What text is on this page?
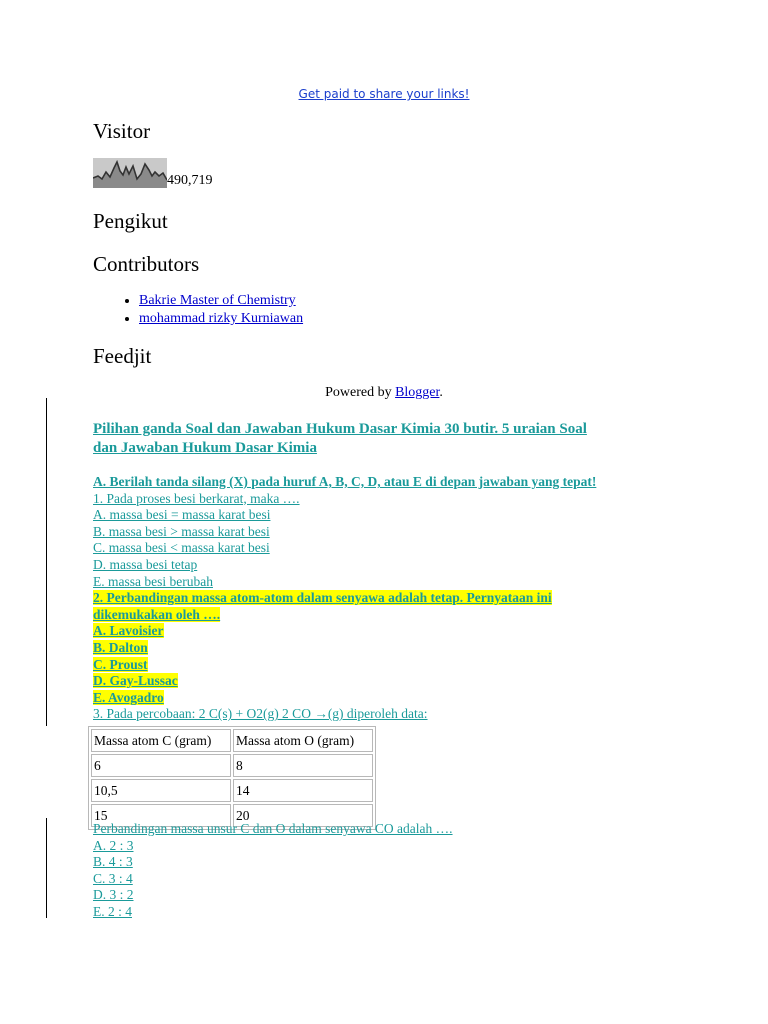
Get paid to share your links!
Visitor
490,719
Pengikut
Contributors
• Bakrie Master of Chemistry
• mohammad rizky Kurniawan
Feedjit
Powered by Blogger.
Pilihan ganda Soal dan Jawaban Hukum Dasar Kimia 30 butir. 5 uraian Soal
dan Jawaban Hukum Dasar Kimia
A. Berilah tanda silang (X) pada huruf A, B, C, D, atau E di depan jawaban yang tepat!
1. Pada proses besi berkarat, maka ….
A. massa besi = massa karat besi
B. massa besi > massa karat besi
C. massa besi < massa karat besi
D. massa besi tetap
E. massa besi berubah
2. Perbandingan massa atom-atom dalam senyawa adalah tetap. Pernyataan ini
dikemukakan oleh ….
A. Lavoisier
B. Dalton
C. Proust
D. Gay-Lussac
E. Avogadro
3. Pada percobaan: 2 C(s) + O2(g) 2 CO →(g) diperoleh data:
Massa atom C (gram)	Massa atom O (gram)
6	8
10,5	14
15	20
Perbandingan massa unsur C dan O dalam senyawa CO adalah ….
A. 2 : 3
B. 4 : 3
C. 3 : 4
D. 3 : 2
E. 2 : 4
